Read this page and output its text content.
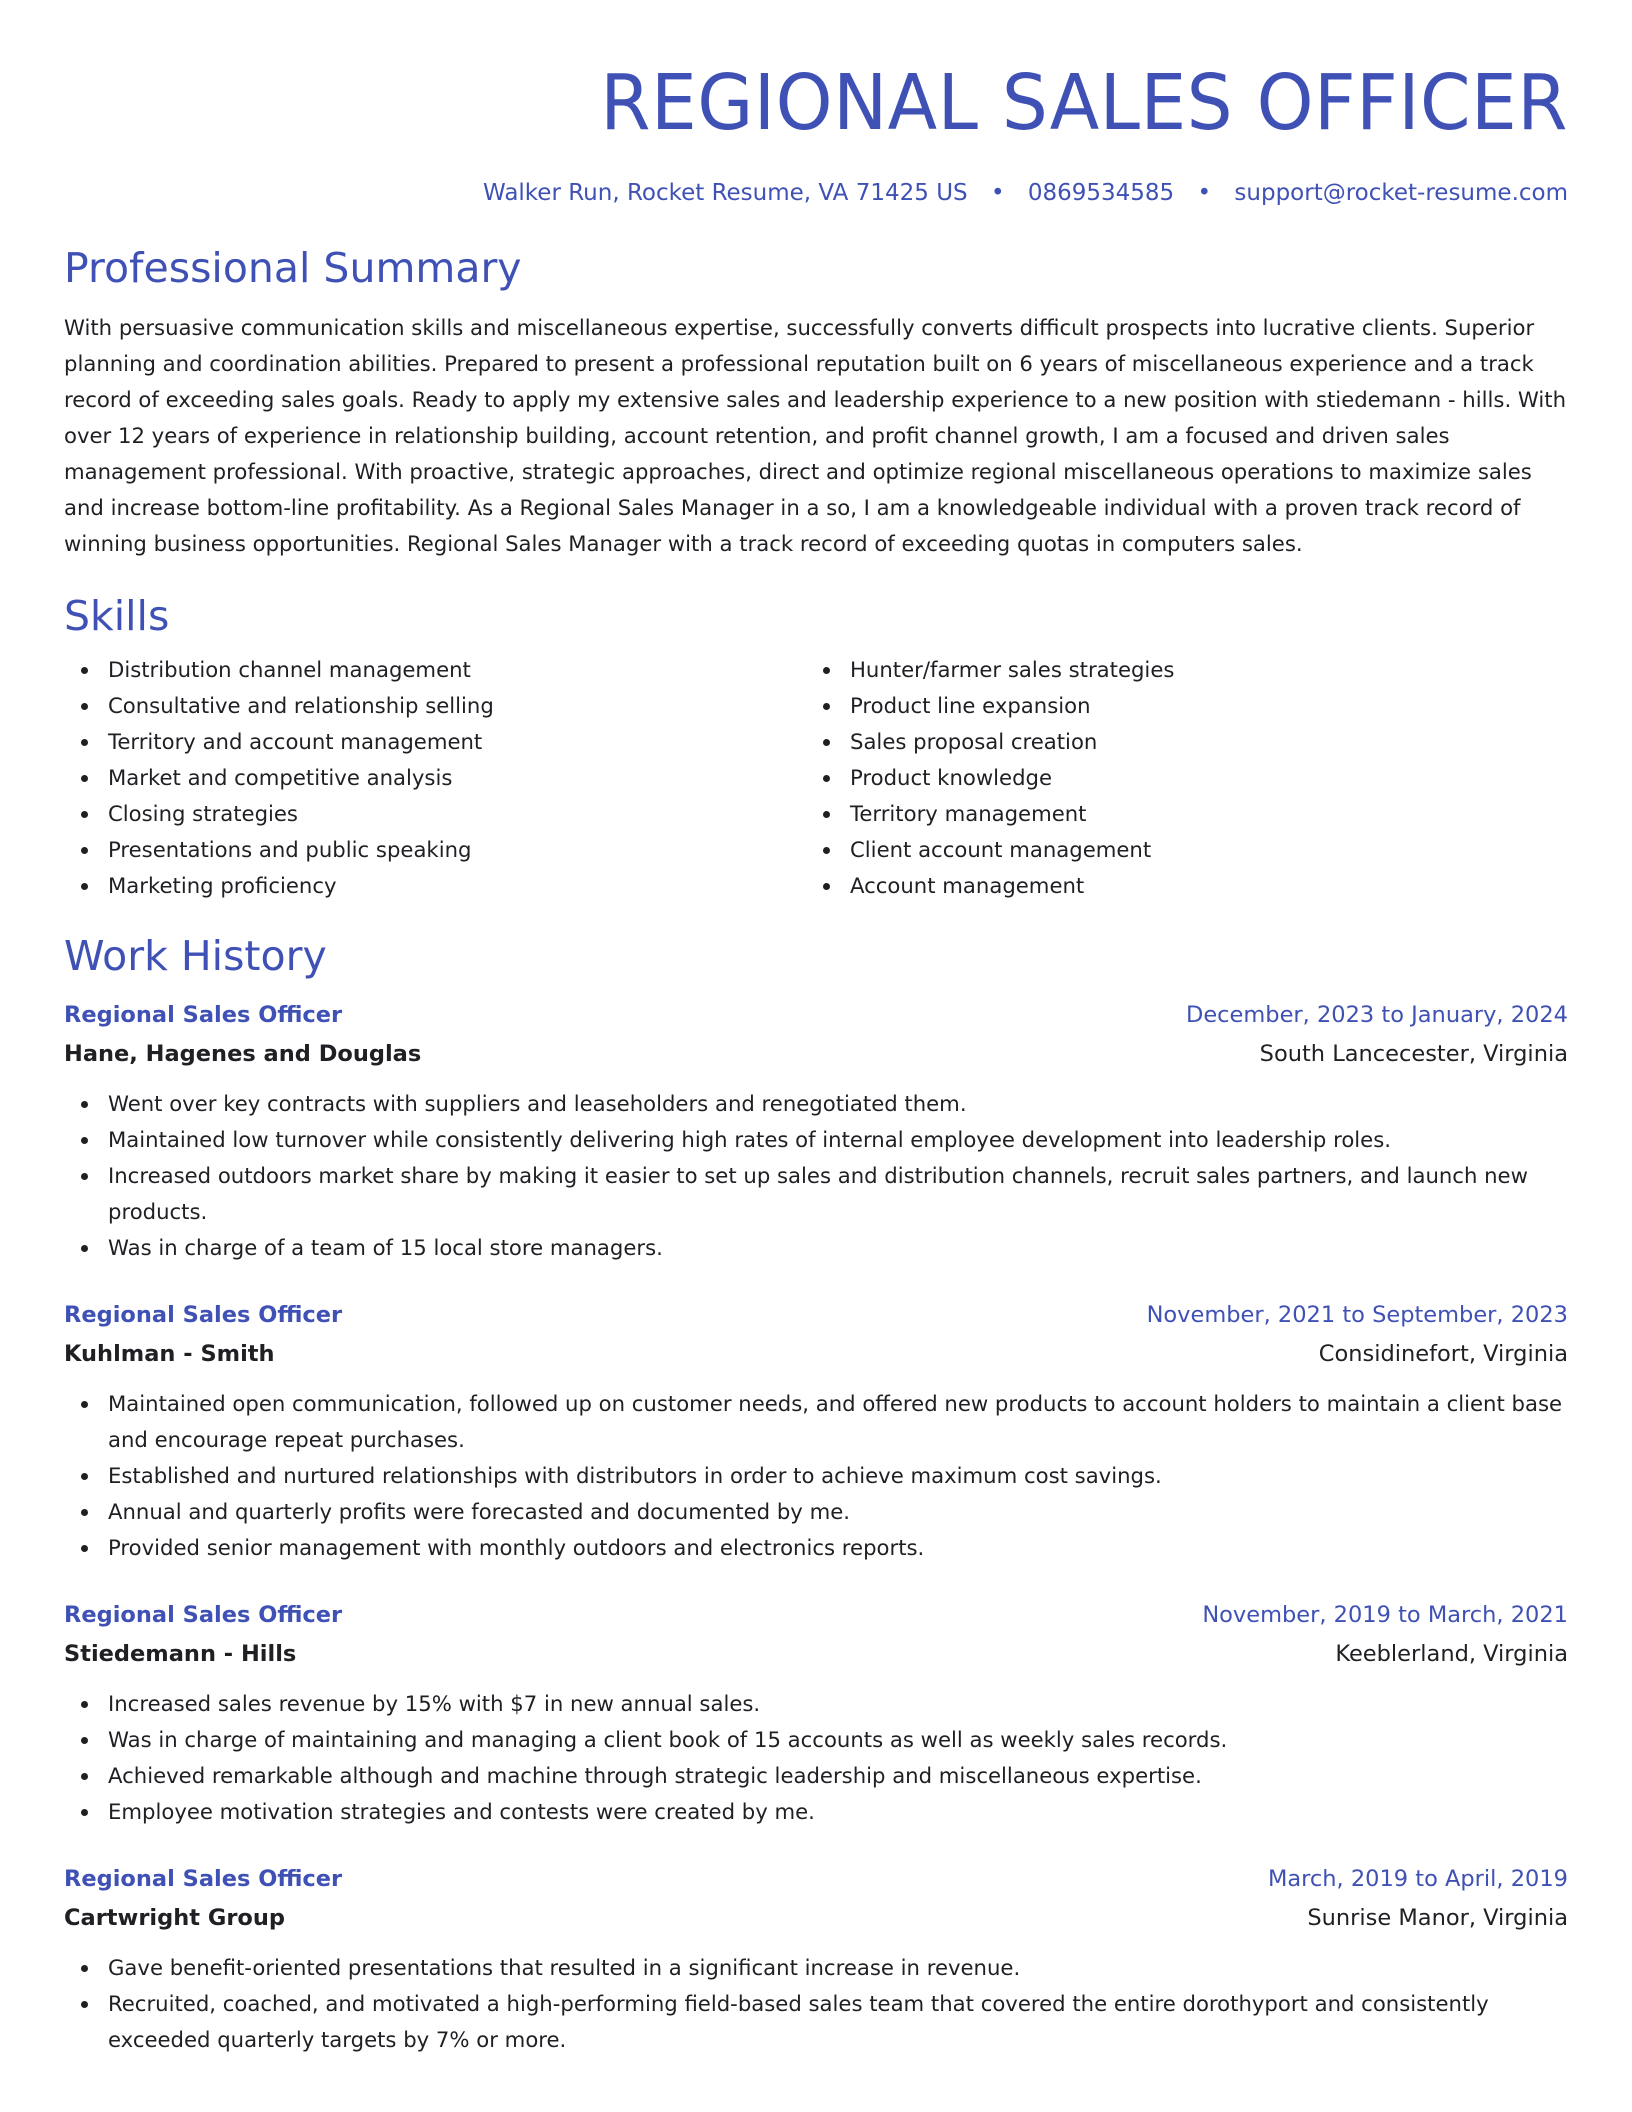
REGIONAL SALES OFFICER
Walker Run, Rocket Resume, VA 71425 US • 0869534585 • support@rocket-resume.com
Professional Summary

With persuasive communication skills and miscellaneous expertise, successfully converts difficult prospects into lucrative clients. Superior planning and coordination abilities. Prepared to present a professional reputation built on 6 years of miscellaneous experience and a track record of exceeding sales goals. Ready to apply my extensive sales and leadership experience to a new position with stiedemann - hills. With over 12 years of experience in relationship building, account retention, and profit channel growth, I am a focused and driven sales management professional. With proactive, strategic approaches, direct and optimize regional miscellaneous operations to maximize sales and increase bottom-line profitability. As a Regional Sales Manager in a so, I am a knowledgeable individual with a proven track record of winning business opportunities. Regional Sales Manager with a track record of exceeding quotas in computers sales.

Skills
Distribution channel management
Consultative and relationship selling
Territory and account management
Market and competitive analysis
Closing strategies
Presentations and public speaking
Marketing proficiency
Hunter/farmer sales strategies
Product line expansion
Sales proposal creation
Product knowledge
Territory management
Client account management
Account management
Work History
Regional Sales Officer	December, 2023 to January, 2024
Hane, Hagenes and Douglas	South Lancecester, Virginia
Went over key contracts with suppliers and leaseholders and renegotiated them.
Maintained low turnover while consistently delivering high rates of internal employee development into leadership roles.
Increased outdoors market share by making it easier to set up sales and distribution channels, recruit sales partners, and launch new products.
Was in charge of a team of 15 local store managers.
Regional Sales Officer	November, 2021 to September, 2023
Kuhlman - Smith	Considinefort, Virginia
Maintained open communication, followed up on customer needs, and offered new products to account holders to maintain a client base and encourage repeat purchases.
Established and nurtured relationships with distributors in order to achieve maximum cost savings.
Annual and quarterly profits were forecasted and documented by me.
Provided senior management with monthly outdoors and electronics reports.
Regional Sales Officer	November, 2019 to March, 2021
Stiedemann - Hills	Keeblerland, Virginia
Increased sales revenue by 15% with $7 in new annual sales.
Was in charge of maintaining and managing a client book of 15 accounts as well as weekly sales records.
Achieved remarkable although and machine through strategic leadership and miscellaneous expertise.
Employee motivation strategies and contests were created by me.
Regional Sales Officer	March, 2019 to April, 2019
Cartwright Group	Sunrise Manor, Virginia
Gave benefit-oriented presentations that resulted in a significant increase in revenue.
Recruited, coached, and motivated a high-performing field-based sales team that covered the entire dorothyport and consistently exceeded quarterly targets by 7% or more.
